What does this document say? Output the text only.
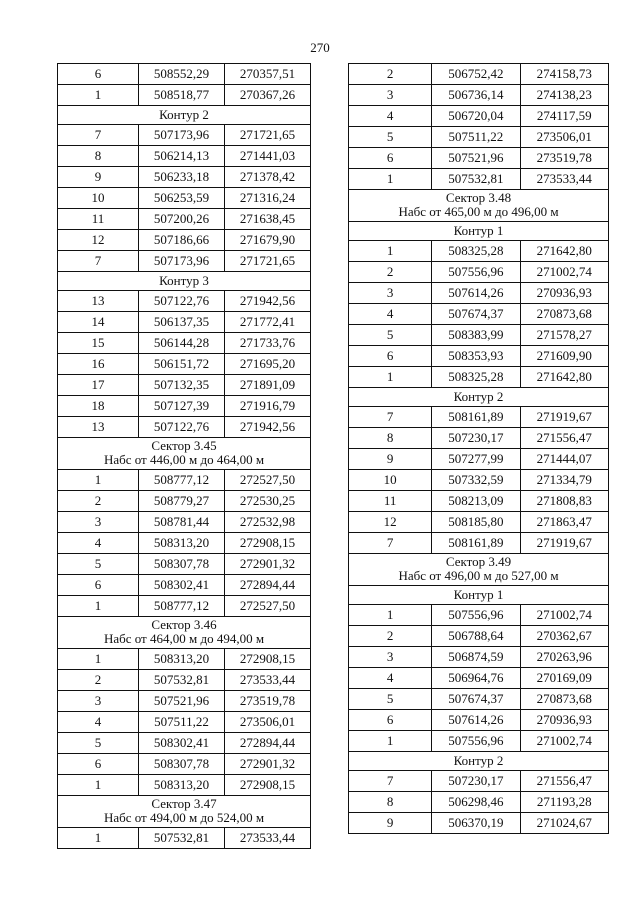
270
6	508552,29	270357,51
1	508518,77	270367,26
Контур 2		
7	507173,96	271721,65
8	506214,13	271441,03
9	506233,18	271378,42
10	506253,59	271316,24
11	507200,26	271638,45
12	507186,66	271679,90
7	507173,96	271721,65
Контур 3		
13	507122,76	271942,56
14	506137,35	271772,41
15	506144,28	271733,76
16	506151,72	271695,20
17	507132,35	271891,09
18	507127,39	271916,79
13	507122,76	271942,56

Сектор 3.45
Набс от 446,00 м до 464,00 м		

1	508777,12	272527,50
2	508779,27	272530,25
3	508781,44	272532,98
4	508313,20	272908,15
5	508307,78	272901,32
6	508302,41	272894,44
1	508777,12	272527,50

Сектор 3.46
Набс от 464,00 м до 494,00 м		

1	508313,20	272908,15
2	507532,81	273533,44
3	507521,96	273519,78
4	507511,22	273506,01
5	508302,41	272894,44
6	508307,78	272901,32
1	508313,20	272908,15

Сектор 3.47
Набс от 494,00 м до 524,00 м		

1	507532,81	273533,44
2	506752,42	274158,73
3	506736,14	274138,23
4	506720,04	274117,59
5	507511,22	273506,01
6	507521,96	273519,78
1	507532,81	273533,44

Сектор 3.48
Набс от 465,00 м до 496,00 м		

Контур 1		
1	508325,28	271642,80
2	507556,96	271002,74
3	507614,26	270936,93
4	507674,37	270873,68
5	508383,99	271578,27
6	508353,93	271609,90
1	508325,28	271642,80
Контур 2		
7	508161,89	271919,67
8	507230,17	271556,47
9	507277,99	271444,07
10	507332,59	271334,79
11	508213,09	271808,83
12	508185,80	271863,47
7	508161,89	271919,67

Сектор 3.49
Набс от 496,00 м до 527,00 м		

Контур 1		
1	507556,96	271002,74
2	506788,64	270362,67
3	506874,59	270263,96
4	506964,76	270169,09
5	507674,37	270873,68
6	507614,26	270936,93
1	507556,96	271002,74
Контур 2		
7	507230,17	271556,47
8	506298,46	271193,28
9	506370,19	271024,67
